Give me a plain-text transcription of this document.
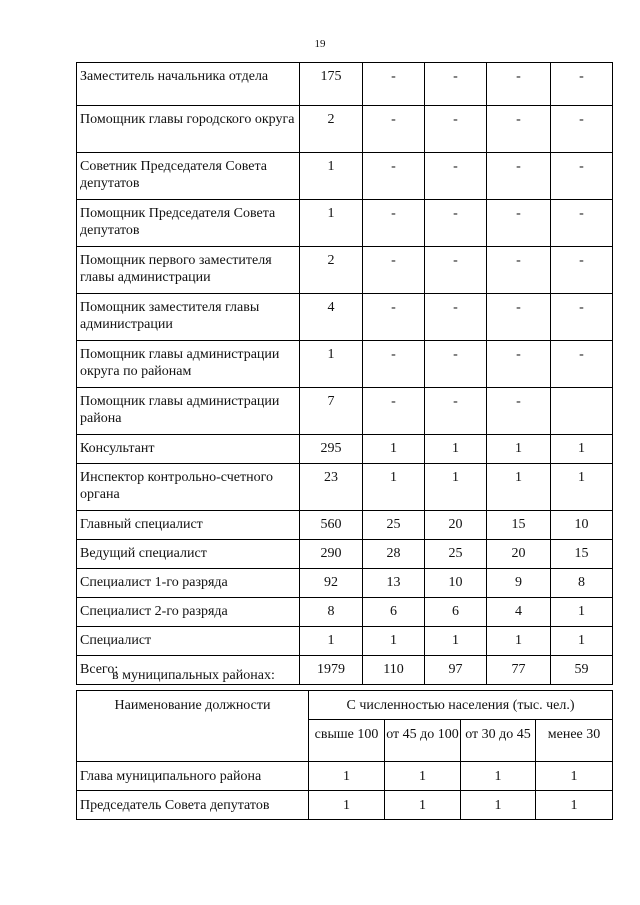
19
Заместитель начальника отдела	175	-	-	-	-
Помощник главы городского округа	2	-	-	-	-
Советник Председателя Совета депутатов	1	-	-	-	-
Помощник Председателя Совета депутатов	1	-	-	-	-
Помощник первого заместителя главы администрации	2	-	-	-	-
Помощник заместителя главы администрации	4	-	-	-	-
Помощник главы администрации округа по районам	1	-	-	-	-
Помощник главы администрации района	7	-	-	-	
Консультант	295	1	1	1	1
Инспектор контрольно-счетного органа	23	1	1	1	1
Главный специалист	560	25	20	15	10
Ведущий специалист	290	28	25	20	15
Специалист 1-го разряда	92	13	10	9	8
Специалист 2-го разряда	8	6	6	4	1
Специалист	1	1	1	1	1
Всего:	1979	110	97	77	59
в муниципальных районах:
Наименование должности	С численностью населения (тыс. чел.)			
	свыше 100	от 45 до 100	от 30 до 45	менее 30
Глава муниципального района	1	1	1	1
Председатель Совета депутатов	1	1	1	1
